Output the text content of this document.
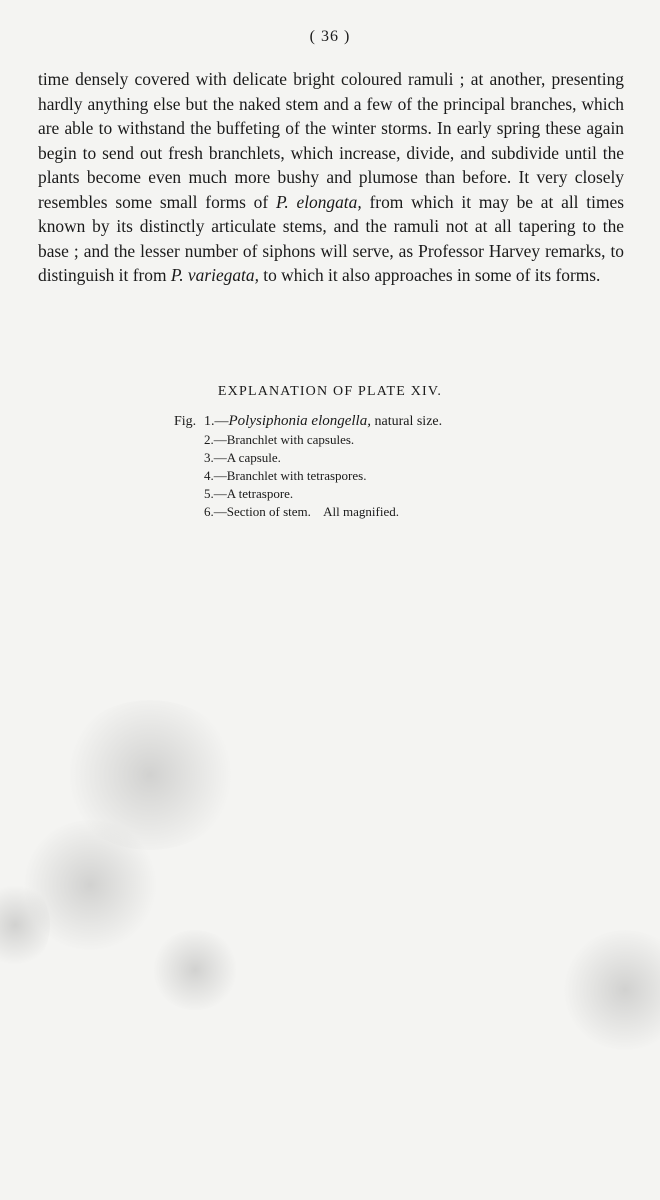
( 36 )

time densely covered with delicate bright coloured ramuli ; at another, presenting hardly anything else but the naked stem and a few of the principal branches, which are able to withstand the buffeting of the winter storms. In early spring these again begin to send out fresh branchlets, which increase, divide, and subdivide until the plants become even much more bushy and plumose than before. It very closely resembles some small forms of P. elongata, from which it may be at all times known by its distinctly articulate stems, and the ramuli not at all tapering to the base ; and the lesser number of siphons will serve, as Professor Harvey remarks, to distinguish it from P. variegata, to which it also approaches in some of its forms.

EXPLANATION OF PLATE XIV.
Fig. 1.—Polysiphonia elongella, natural size.
2.—Branchlet with capsules.
3.—A capsule.
4.—Branchlet with tetraspores.
5.—A tetraspore.
6.—Section of stem.    All magnified.
